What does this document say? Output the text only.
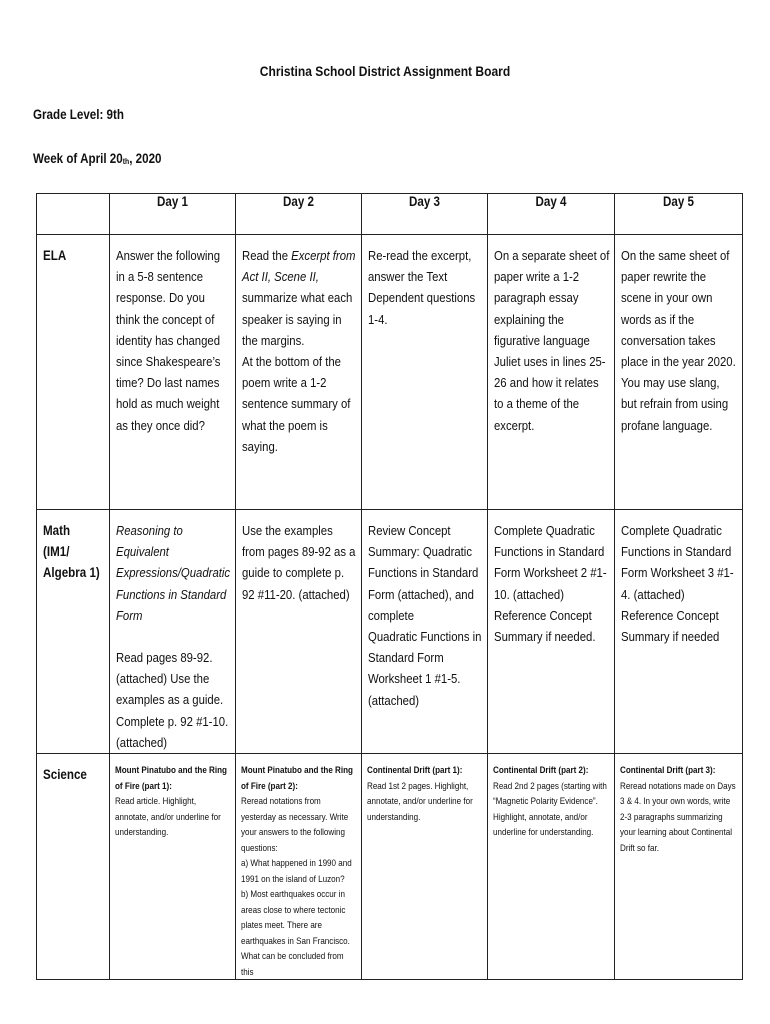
Christina School District Assignment Board
Grade Level: 9th
Week of April 20th, 2020

	Day 1	Day 2	Day 3	Day 4	Day 5

ELA	Answer the following in a 5-8 sentence response. Do you think the concept of identity has changed since Shakespeare’s time? Do last names hold as much weight as they once did?	Read the Excerpt from Act II, Scene II, summarize what each speaker is saying in the margins.
At the bottom of the poem write a 1-2 sentence summary of what the poem is saying.	Re-read the excerpt, answer the Text Dependent questions 1-4.	On a separate sheet of paper write a 1-2 paragraph essay explaining the figurative language Juliet uses in lines 25-26 and how it relates to a theme of the excerpt.	On the same sheet of paper rewrite the scene in your own words as if the conversation takes place in the year 2020. You may use slang, but refrain from using profane language.

Math
(IM1/
Algebra 1)	Reasoning to Equivalent Expressions/Quadratic Functions in Standard Form
Read pages 89-92. (attached) Use the examples as a guide. Complete p. 92 #1-10. (attached)	Use the examples from pages 89-92 as a guide to complete p. 92 #11-20. (attached)	Review Concept Summary: Quadratic Functions in Standard Form (attached), and complete
Quadratic Functions in Standard Form Worksheet 1 #1-5. (attached)	Complete Quadratic Functions in Standard Form Worksheet 2 #1-10. (attached)
Reference Concept Summary if needed.	Complete Quadratic Functions in Standard Form Worksheet 3 #1-4. (attached)
Reference Concept Summary if needed

Science	Mount Pinatubo and the Ring of Fire (part 1):
Read article. Highlight, annotate, and/or underline for understanding.	Mount Pinatubo and the Ring of Fire (part 2):
Reread notations from yesterday as necessary. Write your answers to the following questions:
a) What happened in 1990 and 1991 on the island of Luzon?
b) Most earthquakes occur in areas close to where tectonic plates meet. There are earthquakes in San Francisco. What can be concluded from this	Continental Drift (part 1):
Read 1st 2 pages. Highlight, annotate, and/or underline for understanding.	Continental Drift (part 2):
Read 2nd 2 pages (starting with “Magnetic Polarity Evidence”. Highlight, annotate, and/or underline for understanding.	Continental Drift (part 3):
Reread notations made on Days 3 & 4. In your own words, write 2-3 paragraphs summarizing your learning about Continental Drift so far.
